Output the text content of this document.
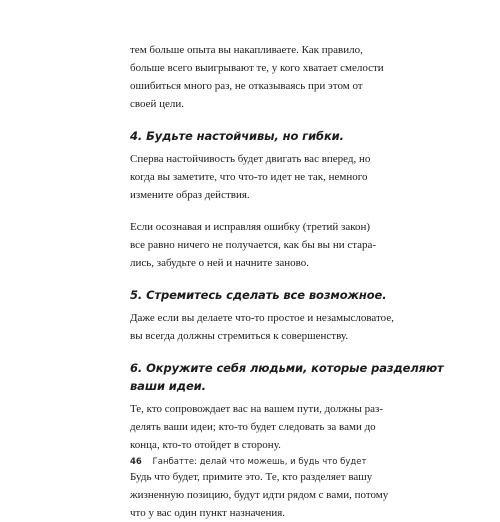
тем больше опыта вы накапливаете. Как правило,
больше всего выигрывают те, у кого хватает смелости
ошибиться много раз, не отказываясь при этом от
своей цели.

4. Будьте настойчивы, но гибки.

Сперва настойчивость будет двигать вас вперед, но
когда вы заметите, что что-то идет не так, немного
измените образ действия.

Если осознавая и исправляя ошибку (третий закон)
все равно ничего не получается, как бы вы ни стара-
лись, забудьте о ней и начните заново.

5. Стремитесь сделать все возможное.

Даже если вы делаете что-то простое и незамысловатое,
вы всегда должны стремиться к совершенству.

6. Окружите себя людьми, которые разделяют
ваши идеи.

Те, кто сопровождает вас на вашем пути, должны раз-
делять ваши идеи; кто-то будет следовать за вами до
конца, кто-то отойдет в сторону.

Будь что будет, примите это. Те, кто разделяет вашу
жизненную позицию, будут идти рядом с вами, потому
что у вас один пункт назначения.

46 Ганбатте: делай что можешь, и будь что будет
